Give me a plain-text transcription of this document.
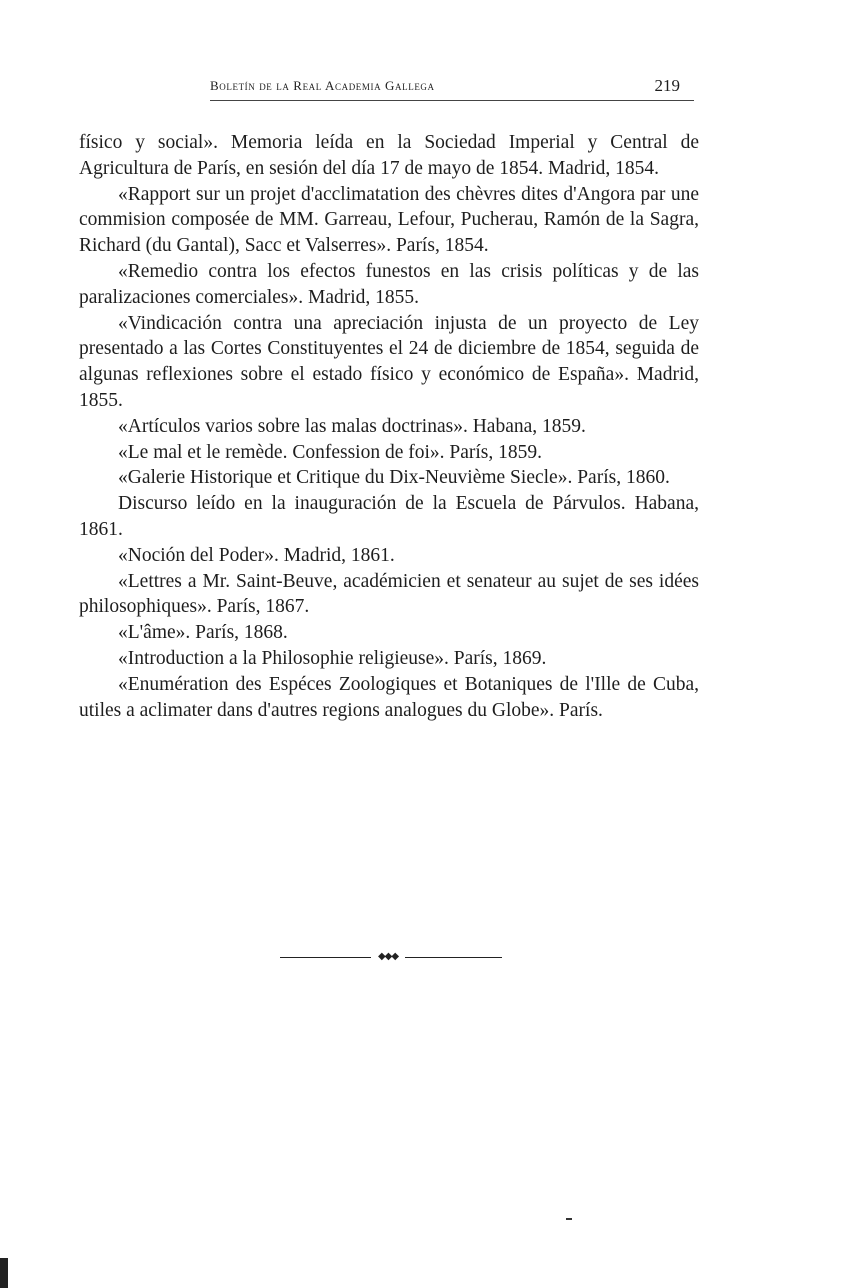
Boletín de la Real Academia Gallega	219

físico y social». Memoria leída en la Sociedad Imperial y Central de Agricultura de París, en sesión del día 17 de mayo de 1854. Madrid, 1854.

«Rapport sur un projet d'acclimatation des chèvres dites d'Angora par une commision composée de MM. Garreau, Lefour, Pucherau, Ramón de la Sagra, Richard (du Gantal), Sacc et Valserres». París, 1854.

«Remedio contra los efectos funestos en las crisis políticas y de las paralizaciones comerciales». Madrid, 1855.

«Vindicación contra una apreciación injusta de un proyecto de Ley presentado a las Cortes Constituyentes el 24 de diciembre de 1854, seguida de algunas reflexiones sobre el estado físico y económico de España». Madrid, 1855.

«Artículos varios sobre las malas doctrinas». Habana, 1859.

«Le mal et le remède. Confession de foi». París, 1859.

«Galerie Historique et Critique du Dix-Neuvième Siecle». París, 1860.

Discurso leído en la inauguración de la Escuela de Párvulos. Habana, 1861.

«Noción del Poder». Madrid, 1861.

«Lettres a Mr. Saint-Beuve, académicien et senateur au sujet de ses idées philosophiques». París, 1867.

«L'âme». París, 1868.

«Introduction a la Philosophie religieuse». París, 1869.

«Enumération des Espéces Zoologiques et Botaniques de l'Ille de Cuba, utiles a aclimater dans d'autres regions analogues du Globe». París.

◆◆◆
